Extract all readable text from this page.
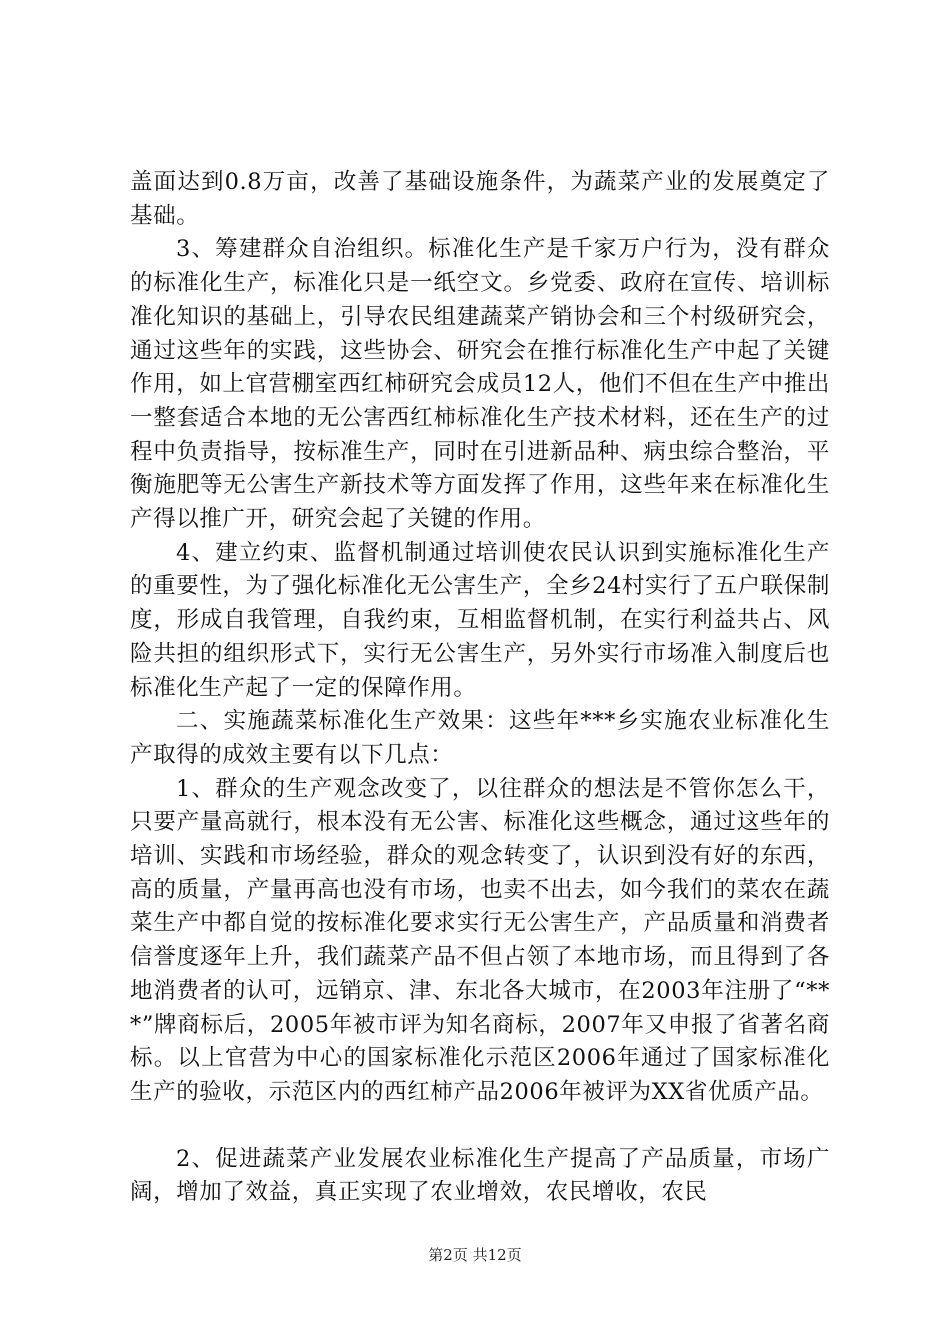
盖面达到0.8万亩，改善了基础设施条件，为蔬菜产业的发展奠定了基础。

3、筹建群众自治组织。标准化生产是千家万户行为，没有群众的标准化生产，标准化只是一纸空文。乡党委、政府在宣传、培训标准化知识的基础上，引导农民组建蔬菜产销协会和三个村级研究会，通过这些年的实践，这些协会、研究会在推行标准化生产中起了关键作用，如上官营棚室西红柿研究会成员12人，他们不但在生产中推出一整套适合本地的无公害西红柿标准化生产技术材料，还在生产的过程中负责指导，按标准生产，同时在引进新品种、病虫综合整治，平衡施肥等无公害生产新技术等方面发挥了作用，这些年来在标准化生产得以推广开，研究会起了关键的作用。

4、建立约束、监督机制通过培训使农民认识到实施标准化生产的重要性，为了强化标准化无公害生产，全乡24村实行了五户联保制度，形成自我管理，自我约束，互相监督机制，在实行利益共占、风险共担的组织形式下，实行无公害生产，另外实行市场准入制度后也标准化生产起了一定的保障作用。

二、实施蔬菜标准化生产效果：这些年***乡实施农业标准化生产取得的成效主要有以下几点：

1、群众的生产观念改变了，以往群众的想法是不管你怎么干，只要产量高就行，根本没有无公害、标准化这些概念，通过这些年的培训、实践和市场经验，群众的观念转变了，认识到没有好的东西，高的质量，产量再高也没有市场，也卖不出去，如今我们的菜农在蔬菜生产中都自觉的按标准化要求实行无公害生产，产品质量和消费者信誉度逐年上升，我们蔬菜产品不但占领了本地市场，而且得到了各地消费者的认可，远销京、津、东北各大城市，在2003年注册了“***”牌商标后，2005年被市评为知名商标，2007年又申报了省著名商标。以上官营为中心的国家标准化示范区2006年通过了国家标准化生产的验收，示范区内的西红柿产品2006年被评为XX省优质产品。

2、促进蔬菜产业发展农业标准化生产提高了产品质量，市场广阔，增加了效益，真正实现了农业增效，农民增收，农民

第2页 共12页
